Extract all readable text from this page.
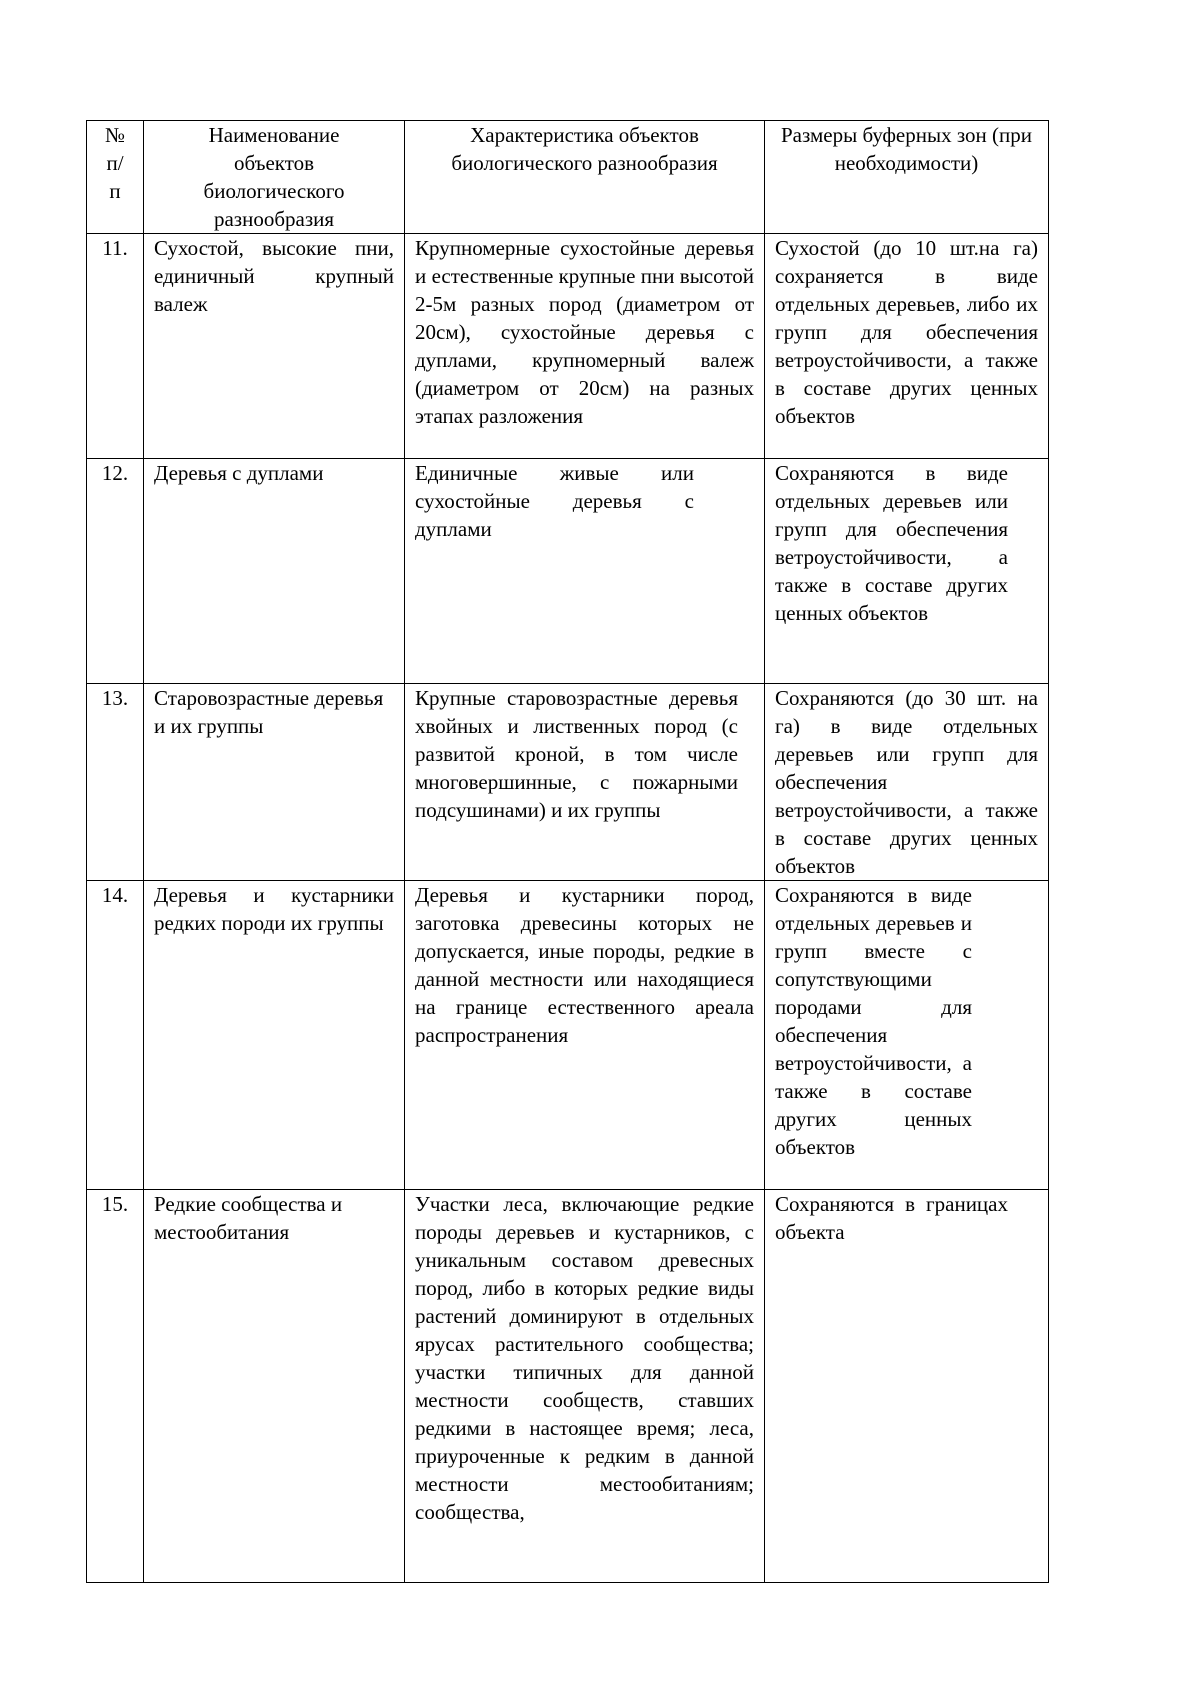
№ п/п	Наименование объектов биологического разнообразия	Характеристика объектов биологического разнообразия	Размеры буферных зон (при необходимости)
11.	Сухостой, высокие пни, единичный крупный валеж	Крупномерные сухостойные деревья и естественные крупные пни высотой 2-5м разных пород (диаметром от 20см), сухостойные деревья с дуплами, крупномерный валеж (диаметром от 20см) на разных этапах разложения	Сухостой (до 10 шт.на га) сохраняется в виде отдельных деревьев, либо их групп для обеспечения ветроустойчивости, а также в составе других ценных объектов
12.	Деревья с дуплами	Единичные живые или сухостойные деревья с дуплами	Сохраняются в виде отдельных деревьев или групп для обеспечения ветроустойчивости, а также в составе других ценных объектов
13.	Старовозрастные деревья и их группы	Крупные старовозрастные деревья хвойных и лиственных пород (с развитой кроной, в том числе многовершинные, с пожарными подсушинами) и их группы	Сохраняются (до 30 шт. на га) в виде отдельных деревьев или групп для обеспечения ветроустойчивости, а также в составе других ценных объектов
14.	Деревья и кустарники редких породи их группы	Деревья и кустарники пород, заготовка древесины которых не допускается, иные породы, редкие в данной местности или находящиеся на границе естественного ареала распространения	Сохраняются в виде отдельных деревьев и групп вместе с сопутствующими породами для обеспечения ветроустойчивости, а также в составе других ценных объектов
15.	Редкие сообщества и местообитания	Участки леса, включающие редкие породы деревьев и кустарников, с уникальным составом древесных пород, либо в которых редкие виды растений доминируют в отдельных ярусах растительного сообщества; участки типичных для данной местности сообществ, ставших редкими в настоящее время; леса, приуроченные к редким в данной местности местообитаниям; сообщества,	Сохраняются в границах объекта
